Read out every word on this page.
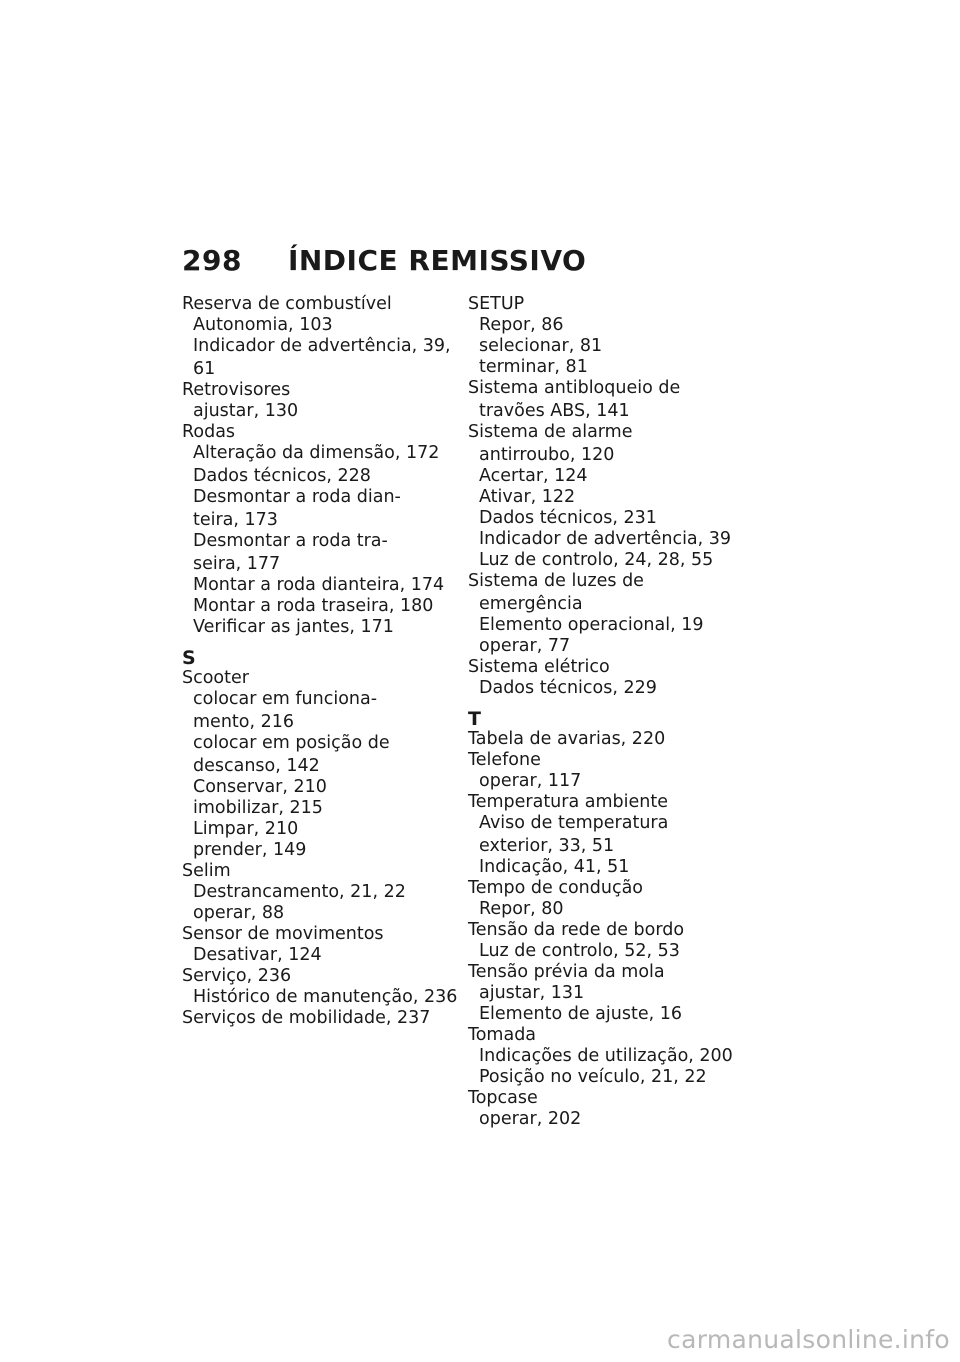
298 ÍNDICE REMISSIVO
Reserva de combustível
Autonomia, 103
Indicador de advertência, 39,
61
Retrovisores
ajustar, 130
Rodas
Alteração da dimensão, 172
Dados técnicos, 228
Desmontar a roda dian-
teira, 173
Desmontar a roda tra-
seira, 177
Montar a roda dianteira, 174
Montar a roda traseira, 180
Verificar as jantes, 171
S
Scooter
colocar em funciona-
mento, 216
colocar em posição de
descanso, 142
Conservar, 210
imobilizar, 215
Limpar, 210
prender, 149
Selim
Destrancamento, 21, 22
operar, 88
Sensor de movimentos
Desativar, 124
Serviço, 236
Histórico de manutenção, 236
Serviços de mobilidade, 237
SETUP
Repor, 86
selecionar, 81
terminar, 81
Sistema antibloqueio de
travões ABS, 141
Sistema de alarme
antirroubo, 120
Acertar, 124
Ativar, 122
Dados técnicos, 231
Indicador de advertência, 39
Luz de controlo, 24, 28, 55
Sistema de luzes de
emergência
Elemento operacional, 19
operar, 77
Sistema elétrico
Dados técnicos, 229
T
Tabela de avarias, 220
Telefone
operar, 117
Temperatura ambiente
Aviso de temperatura
exterior, 33, 51
Indicação, 41, 51
Tempo de condução
Repor, 80
Tensão da rede de bordo
Luz de controlo, 52, 53
Tensão prévia da mola
ajustar, 131
Elemento de ajuste, 16
Tomada
Indicações de utilização, 200
Posição no veículo, 21, 22
Topcase
operar, 202
carmanualsonline.info
